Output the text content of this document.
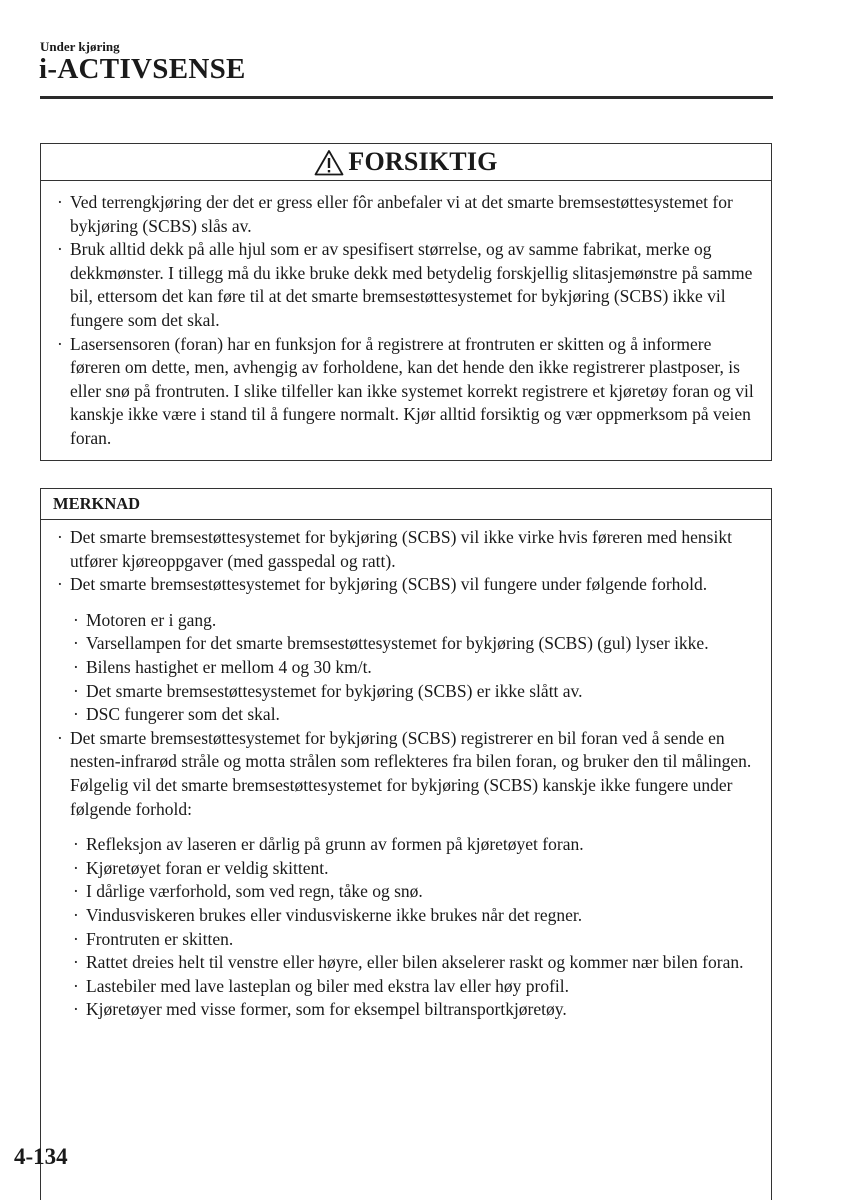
Under kjøring
i-ACTIVSENSE
FORSIKTIG
· Ved terrengkjøring der det er gress eller fôr anbefaler vi at det smarte bremsestøttesystemet for bykjøring (SCBS) slås av.
· Bruk alltid dekk på alle hjul som er av spesifisert størrelse, og av samme fabrikat, merke og dekkmønster. I tillegg må du ikke bruke dekk med betydelig forskjellig slitasjemønstre på samme bil, ettersom det kan føre til at det smarte bremsestøttesystemet for bykjøring (SCBS) ikke vil fungere som det skal.
· Lasersensoren (foran) har en funksjon for å registrere at frontruten er skitten og å informere føreren om dette, men, avhengig av forholdene, kan det hende den ikke registrerer plastposer, is eller snø på frontruten. I slike tilfeller kan ikke systemet korrekt registrere et kjøretøy foran og vil kanskje ikke være i stand til å fungere normalt. Kjør alltid forsiktig og vær oppmerksom på veien foran.
MERKNAD
· Det smarte bremsestøttesystemet for bykjøring (SCBS) vil ikke virke hvis føreren med hensikt utfører kjøreoppgaver (med gasspedal og ratt).
· Det smarte bremsestøttesystemet for bykjøring (SCBS) vil fungere under følgende forhold.
· Motoren er i gang.
· Varsellampen for det smarte bremsestøttesystemet for bykjøring (SCBS) (gul) lyser ikke.
· Bilens hastighet er mellom 4 og 30 km/t.
· Det smarte bremsestøttesystemet for bykjøring (SCBS) er ikke slått av.
· DSC fungerer som det skal.
· Det smarte bremsestøttesystemet for bykjøring (SCBS) registrerer en bil foran ved å sende en nesten-infrarød stråle og motta strålen som reflekteres fra bilen foran, og bruker den til målingen. Følgelig vil det smarte bremsestøttesystemet for bykjøring (SCBS) kanskje ikke fungere under følgende forhold:
· Refleksjon av laseren er dårlig på grunn av formen på kjøretøyet foran.
· Kjøretøyet foran er veldig skittent.
· I dårlige værforhold, som ved regn, tåke og snø.
· Vindusviskeren brukes eller vindusviskerne ikke brukes når det regner.
· Frontruten er skitten.
· Rattet dreies helt til venstre eller høyre, eller bilen akselerer raskt og kommer nær bilen foran.
· Lastebiler med lave lasteplan og biler med ekstra lav eller høy profil.
· Kjøretøyer med visse former, som for eksempel biltransportkjøretøy.
4-134
